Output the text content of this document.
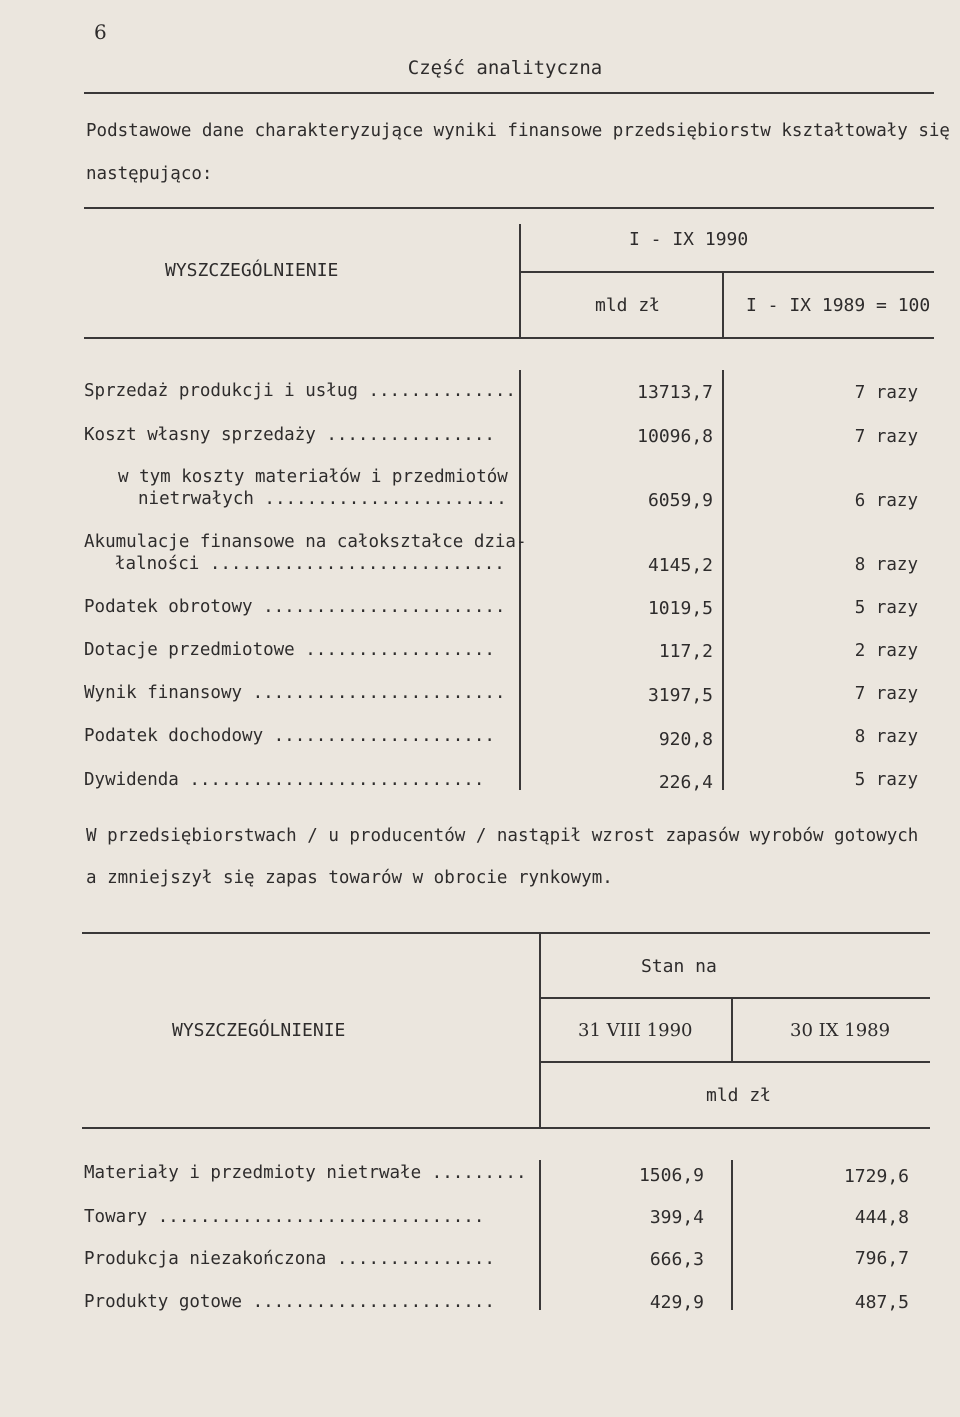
6
Część analityczna
Podstawowe dane charakteryzujące wyniki finansowe przedsiębiorstw kształtowały się
następująco:
WYSZCZEGÓLNIENIE
I - IX 1990
mld zł	I - IX 1989 = 100
Sprzedaż produkcji i usług ..............	13713,7	7 razy
Koszt własny sprzedaży ................	10096,8	7 razy
w tym koszty materiałów i przedmiotów
nietrwałych .......................	6059,9	6 razy
Akumulacje finansowe na całokształce dzia-
łalności ............................	4145,2	8 razy
Podatek obrotowy .......................	1019,5	5 razy
Dotacje przedmiotowe ..................	117,2	2 razy
Wynik finansowy ........................	3197,5	7 razy
Podatek dochodowy .....................	920,8	8 razy
Dywidenda ............................	226,4	5 razy
W przedsiębiorstwach / u producentów / nastąpił wzrost zapasów wyrobów gotowych
a zmniejszył się zapas towarów w obrocie rynkowym.
WYSZCZEGÓLNIENIE
Stan na
31 VIII 1990	30 IX 1989
mld zł
Materiały i przedmioty nietrwałe .........	1506,9	1729,6
Towary ...............................	399,4	444,8
Produkcja niezakończona ...............	666,3	796,7
Produkty gotowe .......................	429,9	487,5
